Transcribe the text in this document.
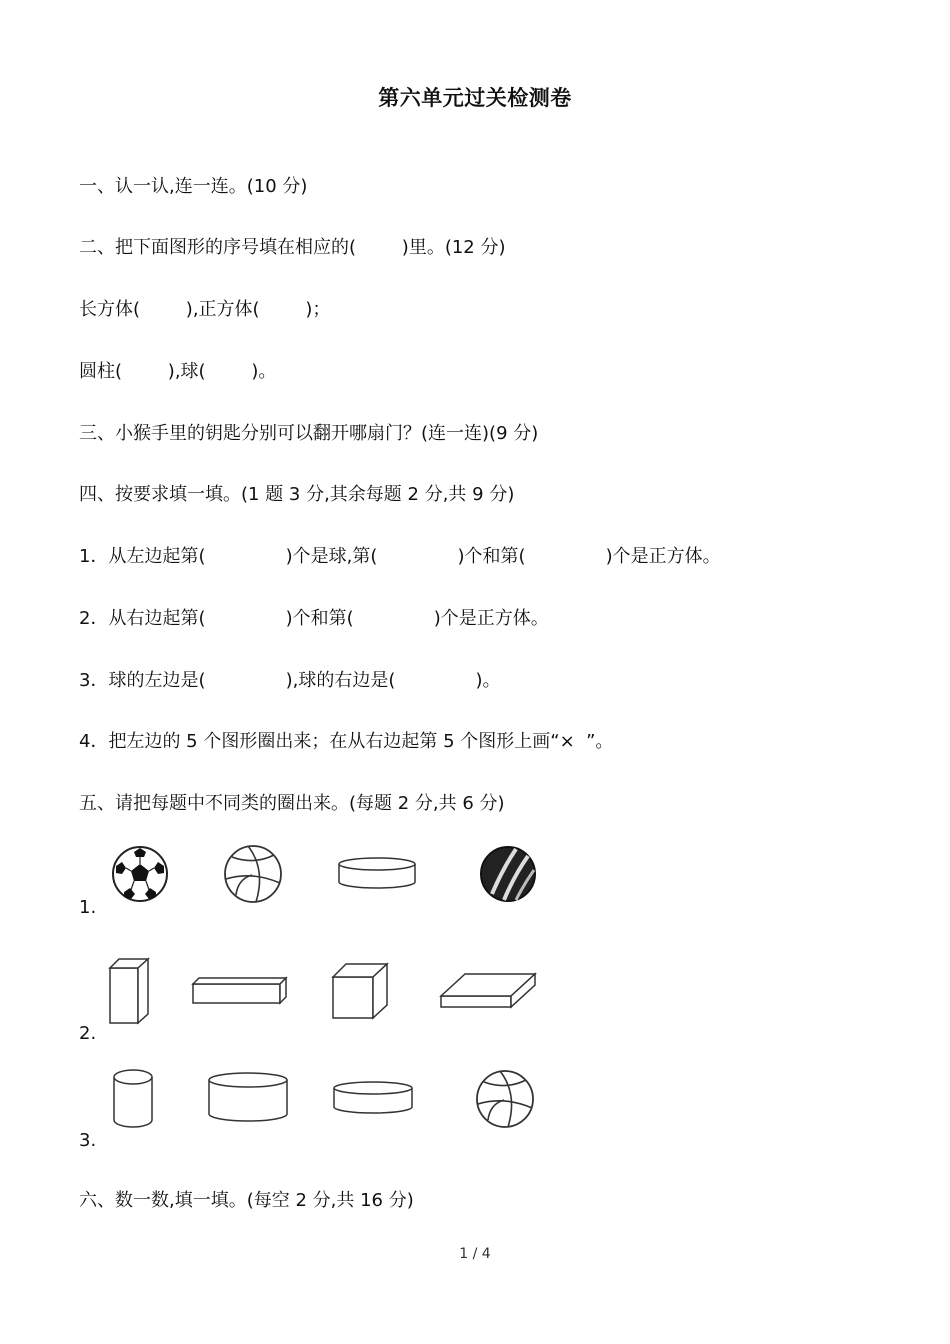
第六单元过关检测卷
一、认一认,连一连。(10 分)
二、把下面图形的序号填在相应的(        )里。(12 分)
长方体(        ),正方体(        )；
圆柱(        ),球(        )。
三、小猴手里的钥匙分别可以翻开哪扇门？(连一连)(9 分)
四、按要求填一填。(1 题 3 分,其余每题 2 分,共 9 分)
1．从左边起第(              )个是球,第(              )个和第(              )个是正方体。
2．从右边起第(              )个和第(              )个是正方体。
3．球的左边是(              ),球的右边是(              )。
4．把左边的 5 个图形圈出来；在从右边起第 5 个图形上画“×  ”。
五、请把每题中不同类的圈出来。(每题 2 分,共 6 分)
1.
2.
3.
六、数一数,填一填。(每空 2 分,共 16 分)
1 / 4
